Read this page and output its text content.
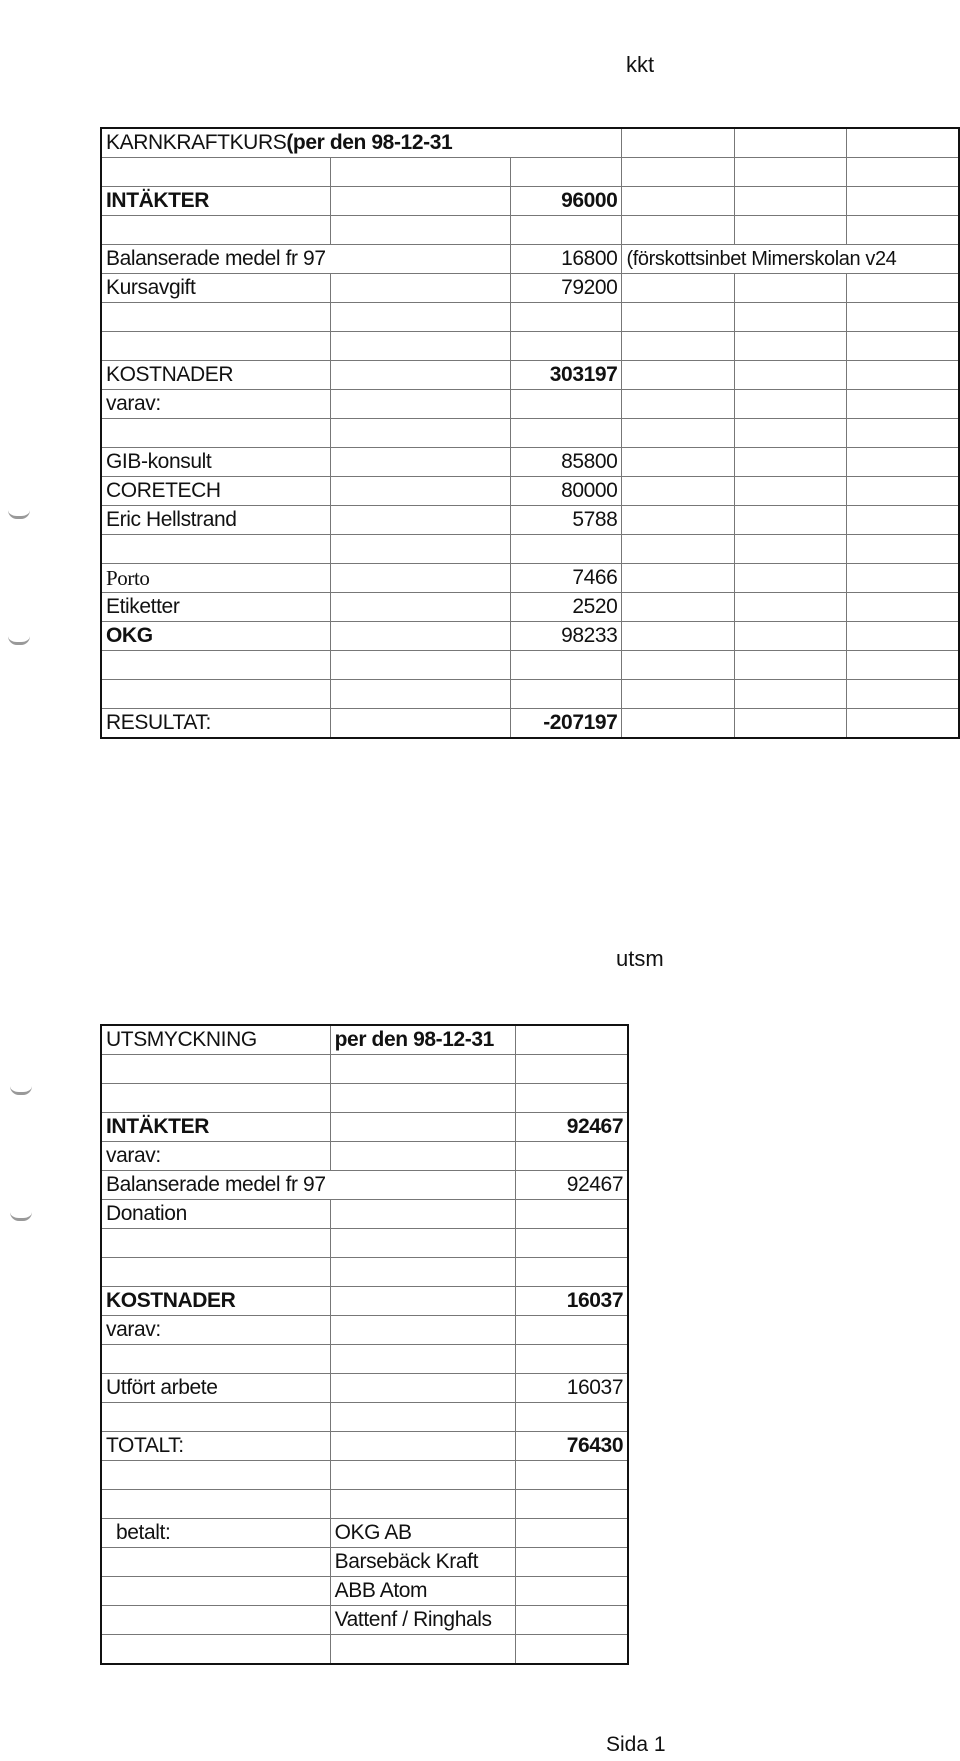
kkt
KARNKRAFTKURS(per den 98-12-31					

INTÄKTER		96000			

Balanserade medel fr 97		16800	(förskottsinbet Mimerskolan v24		
Kursavgift		79200			

KOSTNADER		303197			
varav:					

GIB-konsult		85800			
CORETECH		80000			
Eric Hellstrand		5788			

Porto		7466			
Etiketter		2520			
OKG		98233			

RESULTAT:		-207197			
utsm
UTSMYCKNING	per den 98-12-31	

INTÄKTER		92467
varav:		
Balanserade medel fr 97		92467
Donation		

KOSTNADER		16037
varav:		

Utfört arbete		16037

TOTALT:		76430

betalt:	OKG AB	
	Barsebäck Kraft	
	ABB Atom	
	Vattenf / Ringhals	

Sida 1
